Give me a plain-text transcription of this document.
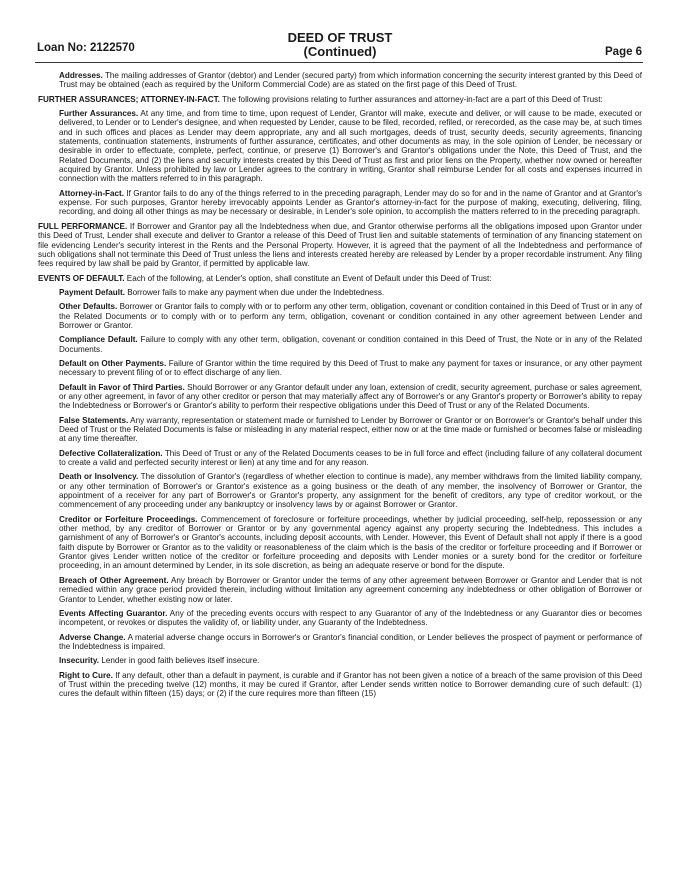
Loan No: 2122570
DEED OF TRUST
(Continued)	Page 6

Addresses. The mailing addresses of Grantor (debtor) and Lender (secured party) from which information concerning the security interest granted by this Deed of Trust may be obtained (each as required by the Uniform Commercial Code) are as stated on the first page of this Deed of Trust.

FURTHER ASSURANCES; ATTORNEY-IN-FACT. The following provisions relating to further assurances and attorney-in-fact are a part of this Deed of Trust:

Further Assurances. At any time, and from time to time, upon request of Lender, Grantor will make, execute and deliver, or will cause to be made, executed or delivered, to Lender or to Lender's designee, and when requested by Lender, cause to be filed, recorded, refiled, or rerecorded, as the case may be, at such times and in such offices and places as Lender may deem appropriate, any and all such mortgages, deeds of trust, security deeds, security agreements, financing statements, continuation statements, instruments of further assurance, certificates, and other documents as may, in the sole opinion of Lender, be necessary or desirable in order to effectuate, complete, perfect, continue, or preserve (1) Borrower's and Grantor's obligations under the Note, this Deed of Trust, and the Related Documents, and (2) the liens and security interests created by this Deed of Trust as first and prior liens on the Property, whether now owned or hereafter acquired by Grantor. Unless prohibited by law or Lender agrees to the contrary in writing, Grantor shall reimburse Lender for all costs and expenses incurred in connection with the matters referred to in this paragraph.

Attorney-in-Fact. If Grantor fails to do any of the things referred to in the preceding paragraph, Lender may do so for and in the name of Grantor and at Grantor's expense. For such purposes, Grantor hereby irrevocably appoints Lender as Grantor's attorney-in-fact for the purpose of making, executing, delivering, filing, recording, and doing all other things as may be necessary or desirable, in Lender's sole opinion, to accomplish the matters referred to in the preceding paragraph.

FULL PERFORMANCE. If Borrower and Grantor pay all the Indebtedness when due, and Grantor otherwise performs all the obligations imposed upon Grantor under this Deed of Trust, Lender shall execute and deliver to Grantor a release of this Deed of Trust lien and suitable statements of termination of any financing statement on file evidencing Lender's security interest in the Rents and the Personal Property. However, it is agreed that the payment of all the Indebtedness and performance of such obligations shall not terminate this Deed of Trust unless the liens and interests created hereby are released by Lender by a proper recordable instrument. Any filing fees required by law shall be paid by Grantor, if permitted by applicable law.

EVENTS OF DEFAULT. Each of the following, at Lender's option, shall constitute an Event of Default under this Deed of Trust:

Payment Default. Borrower fails to make any payment when due under the Indebtedness.

Other Defaults. Borrower or Grantor fails to comply with or to perform any other term, obligation, covenant or condition contained in this Deed of Trust or in any of the Related Documents or to comply with or to perform any term, obligation, covenant or condition contained in any other agreement between Lender and Borrower or Grantor.

Compliance Default. Failure to comply with any other term, obligation, covenant or condition contained in this Deed of Trust, the Note or in any of the Related Documents.

Default on Other Payments. Failure of Grantor within the time required by this Deed of Trust to make any payment for taxes or insurance, or any other payment necessary to prevent filing of or to effect discharge of any lien.

Default in Favor of Third Parties. Should Borrower or any Grantor default under any loan, extension of credit, security agreement, purchase or sales agreement, or any other agreement, in favor of any other creditor or person that may materially affect any of Borrower's or any Grantor's property or Borrower's ability to repay the Indebtedness or Borrower's or Grantor's ability to perform their respective obligations under this Deed of Trust or any of the Related Documents.

False Statements. Any warranty, representation or statement made or furnished to Lender by Borrower or Grantor or on Borrower's or Grantor's behalf under this Deed of Trust or the Related Documents is false or misleading in any material respect, either now or at the time made or furnished or becomes false or misleading at any time thereafter.

Defective Collateralization. This Deed of Trust or any of the Related Documents ceases to be in full force and effect (including failure of any collateral document to create a valid and perfected security interest or lien) at any time and for any reason.

Death or Insolvency. The dissolution of Grantor's (regardless of whether election to continue is made), any member withdraws from the limited liability company, or any other termination of Borrower's or Grantor's existence as a going business or the death of any member, the insolvency of Borrower or Grantor, the appointment of a receiver for any part of Borrower's or Grantor's property, any assignment for the benefit of creditors, any type of creditor workout, or the commencement of any proceeding under any bankruptcy or insolvency laws by or against Borrower or Grantor.

Creditor or Forfeiture Proceedings. Commencement of foreclosure or forfeiture proceedings, whether by judicial proceeding, self-help, repossession or any other method, by any creditor of Borrower or Grantor or by any governmental agency against any property securing the Indebtedness. This includes a garnishment of any of Borrower's or Grantor's accounts, including deposit accounts, with Lender. However, this Event of Default shall not apply if there is a good faith dispute by Borrower or Grantor as to the validity or reasonableness of the claim which is the basis of the creditor or forfeiture proceeding and if Borrower or Grantor gives Lender written notice of the creditor or forfeiture proceeding and deposits with Lender monies or a surety bond for the creditor or forfeiture proceeding, in an amount determined by Lender, in its sole discretion, as being an adequate reserve or bond for the dispute.

Breach of Other Agreement. Any breach by Borrower or Grantor under the terms of any other agreement between Borrower or Grantor and Lender that is not remedied within any grace period provided therein, including without limitation any agreement concerning any indebtedness or other obligation of Borrower or Grantor to Lender, whether existing now or later.

Events Affecting Guarantor. Any of the preceding events occurs with respect to any Guarantor of any of the Indebtedness or any Guarantor dies or becomes incompetent, or revokes or disputes the validity of, or liability under, any Guaranty of the Indebtedness.

Adverse Change. A material adverse change occurs in Borrower's or Grantor's financial condition, or Lender believes the prospect of payment or performance of the Indebtedness is impaired.

Insecurity. Lender in good faith believes itself insecure.

Right to Cure. If any default, other than a default in payment, is curable and if Grantor has not been given a notice of a breach of the same provision of this Deed of Trust within the preceding twelve (12) months, it may be cured if Grantor, after Lender sends written notice to Borrower demanding cure of such default: (1) cures the default within fifteen (15) days; or (2) if the cure requires more than fifteen (15)
